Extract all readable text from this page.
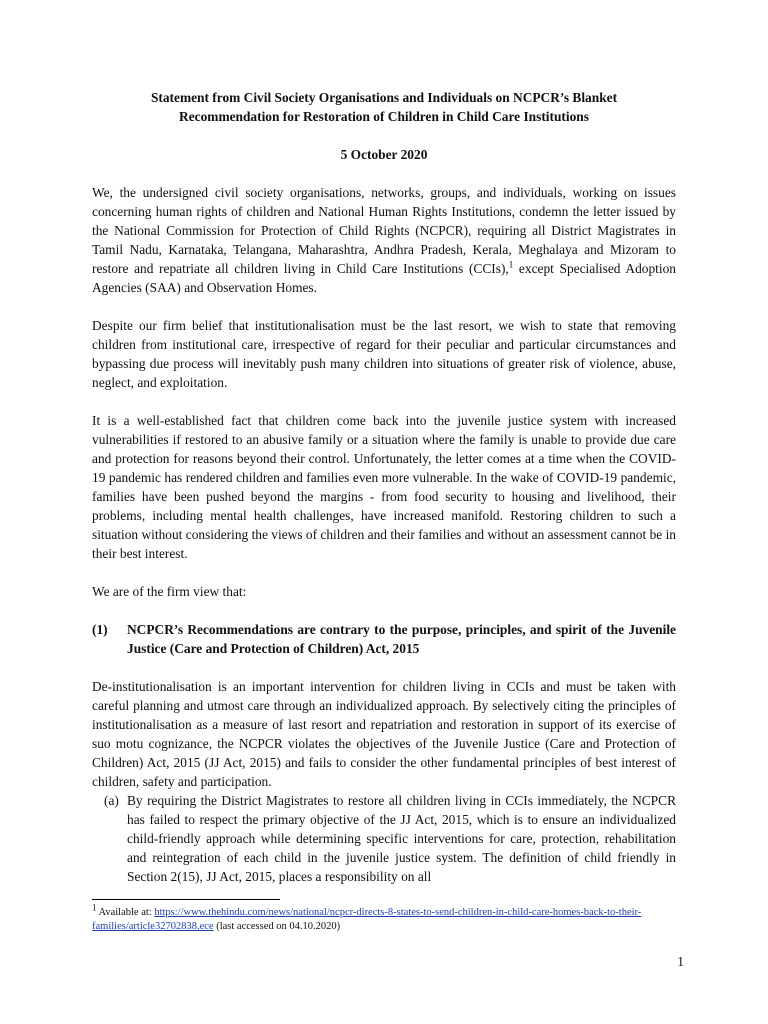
Statement from Civil Society Organisations and Individuals on NCPCR’s Blanket
Recommendation for Restoration of Children in Child Care Institutions

5 October 2020

We, the undersigned civil society organisations, networks, groups, and individuals, working on issues concerning human rights of children and National Human Rights Institutions, condemn the letter issued by the National Commission for Protection of Child Rights (NCPCR), requiring all District Magistrates in Tamil Nadu, Karnataka, Telangana, Maharashtra, Andhra Pradesh, Kerala, Meghalaya and Mizoram to restore and repatriate all children living in Child Care Institutions (CCIs),$^1$ except Specialised Adoption Agencies (SAA) and Observation Homes.

Despite our firm belief that institutionalisation must be the last resort, we wish to state that removing children from institutional care, irrespective of regard for their peculiar and particular circumstances and bypassing due process will inevitably push many children into situations of greater risk of violence, abuse, neglect, and exploitation.

It is a well-established fact that children come back into the juvenile justice system with increased vulnerabilities if restored to an abusive family or a situation where the family is unable to provide due care and protection for reasons beyond their control. Unfortunately, the letter comes at a time when the COVID-19 pandemic has rendered children and families even more vulnerable. In the wake of COVID-19 pandemic, families have been pushed beyond the margins - from food security to housing and livelihood, their problems, including mental health challenges, have increased manifold. Restoring children to such a situation without considering the views of children and their families and without an assessment cannot be in their best interest.

We are of the firm view that:

(1)	NCPCR’s Recommendations are contrary to the purpose, principles, and spirit of the Juvenile Justice (Care and Protection of Children) Act, 2015

De-institutionalisation is an important intervention for children living in CCIs and must be taken with careful planning and utmost care through an individualized approach. By selectively citing the principles of institutionalisation as a measure of last resort and repatriation and restoration in support of its exercise of suo motu cognizance, the NCPCR violates the objectives of the Juvenile Justice (Care and Protection of Children) Act, 2015 (JJ Act, 2015) and fails to consider the other fundamental principles of best interest of children, safety and participation.

(a) By requiring the District Magistrates to restore all children living in CCIs immediately, the NCPCR has failed to respect the primary objective of the JJ Act, 2015, which is to ensure an individualized child-friendly approach while determining specific interventions for care, protection, rehabilitation and reintegration of each child in the juvenile justice system. The definition of child friendly in Section 2(15), JJ Act, 2015, places a responsibility on all
$^1$ Available at: https://www.thehindu.com/news/national/ncpcr-directs-8-states-to-send-children-in-child-care-homes-back-to-their-families/article32702838.ece (last accessed on 04.10.2020)
1
